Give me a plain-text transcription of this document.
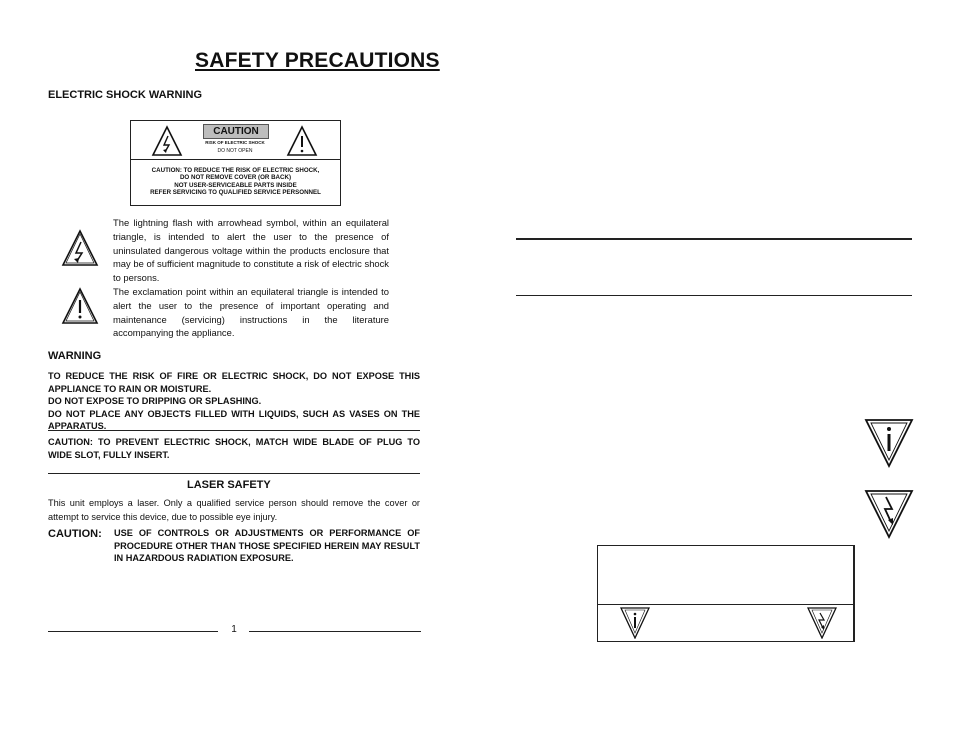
SAFETY PRECAUTIONS
ELECTRIC SHOCK WARNING
CAUTION
RISK OF ELECTRIC SHOCK
DO NOT OPEN
CAUTION: TO REDUCE THE RISK OF ELECTRIC SHOCK,
DO NOT REMOVE COVER (OR BACK)
NOT USER-SERVICEABLE PARTS INSIDE
REFER SERVICING TO QUALIFIED SERVICE PERSONNEL
The lightning flash with arrowhead symbol, within an equilateral triangle, is intended to alert the user to the presence of uninsulated dangerous voltage within the products enclosure that may be of sufficient magnitude to constitute a risk of electric shock to persons.
The exclamation point within an equilateral triangle is intended to alert the user to the presence of important operating and maintenance (servicing) instructions in the literature accompanying the appliance.
WARNING
TO REDUCE THE RISK OF FIRE OR ELECTRIC SHOCK, DO NOT EXPOSE THIS APPLIANCE TO RAIN OR MOISTURE.
DO NOT EXPOSE TO DRIPPING OR SPLASHING.
DO NOT PLACE ANY OBJECTS FILLED WITH LIQUIDS, SUCH AS VASES ON THE APPARATUS.
CAUTION: TO PREVENT ELECTRIC SHOCK, MATCH WIDE BLADE OF PLUG TO WIDE SLOT, FULLY INSERT.
LASER SAFETY
This unit employs a laser. Only a qualified service person should remove the cover or attempt to service this device, due to possible eye injury.
CAUTION: USE OF CONTROLS OR ADJUSTMENTS OR PERFORMANCE OF PROCEDURE OTHER THAN THOSE SPECIFIED HEREIN MAY RESULT IN HAZARDOUS RADIATION EXPOSURE.
1
